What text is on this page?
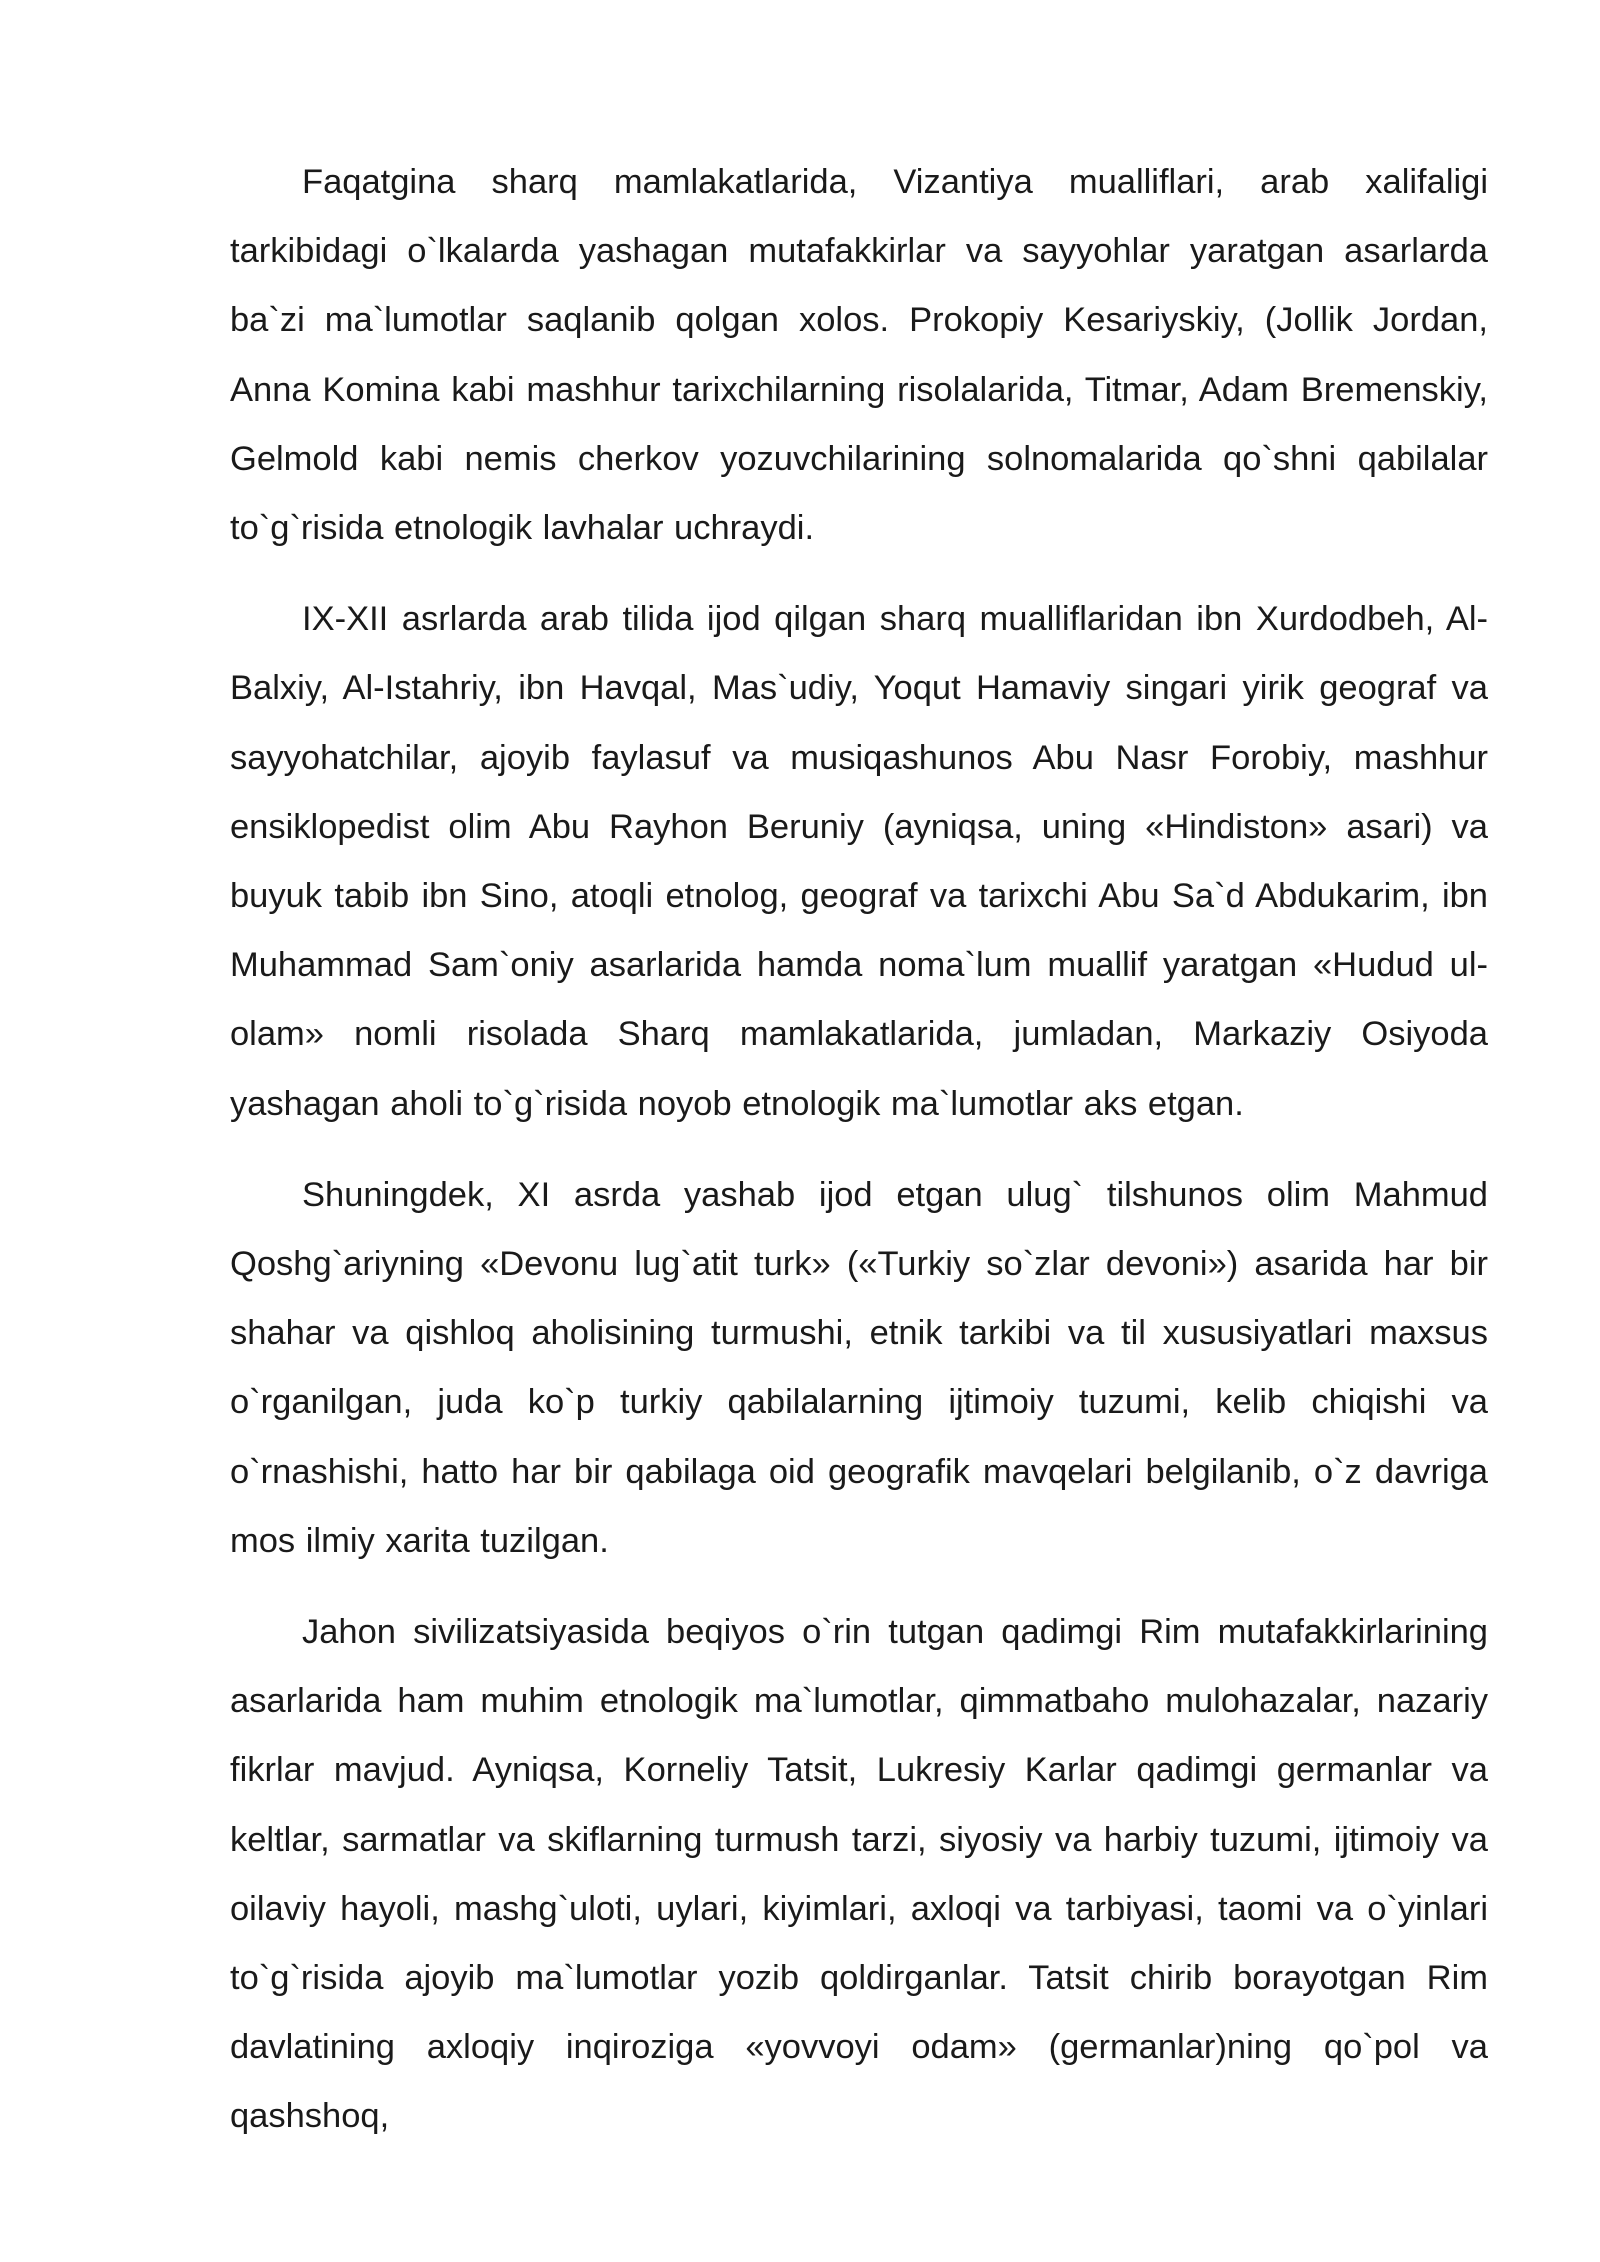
Faqatgina sharq mamlakatlarida, Vizantiya mualliflari, arab xalifaligi tarkibidagi o`lkalarda yashagan mutafakkirlar va sayyohlar yaratgan asarlarda ba`zi ma`lumotlar saqlanib qolgan xolos. Prokopiy Kesariyskiy, (Jollik Jordan, Anna Komina kabi mashhur tarixchilarning risolalarida, Titmar, Adam Bremenskiy, Gelmold kabi nemis cherkov yozuvchilarining solnomalarida qo`shni qabilalar to`g`risida etnologik lavhalar uchraydi.

IX-XII asrlarda arab tilida ijod qilgan sharq mualliflaridan ibn Xurdodbeh, Al-Balxiy, Al-Istahriy, ibn Havqal, Mas`udiy, Yoqut Hamaviy singari yirik geograf va sayyohatchilar, ajoyib faylasuf va musiqashunos Abu Nasr Forobiy, mashhur ensiklopedist olim Abu Rayhon Beruniy (ayniqsa, uning «Hindiston» asari) va buyuk tabib ibn Sino, atoqli etnolog, geograf va tarixchi Abu Sa`d Abdukarim, ibn Muhammad Sam`oniy asarlarida hamda noma`lum muallif yaratgan «Hudud ul-olam» nomli risolada Sharq mamlakatlarida, jumladan, Markaziy Osiyoda yashagan aholi to`g`risida noyob etnologik ma`lumotlar aks etgan.

Shuningdek, XI asrda yashab ijod etgan ulug` tilshunos olim Mahmud Qoshg`ariyning «Devonu lug`atit turk» («Turkiy so`zlar devoni») asarida har bir shahar va qishloq aholisining turmushi, etnik tarkibi va til xususiyatlari maxsus o`rganilgan, juda ko`p turkiy qabilalarning ijtimoiy tuzumi, kelib chiqishi va o`rnashishi, hatto har bir qabilaga oid geografik mavqelari belgilanib, o`z davriga mos ilmiy xarita tuzilgan.

Jahon sivilizatsiyasida beqiyos o`rin tutgan qadimgi Rim mutafakkirlarining asarlarida ham muhim etnologik ma`lumotlar, qimmatbaho mulohazalar, nazariy fikrlar mavjud. Ayniqsa, Korneliy Tatsit, Lukresiy Karlar qadimgi germanlar va keltlar, sarmatlar va skiflarning turmush tarzi, siyosiy va harbiy tuzumi, ijtimoiy va oilaviy hayoli, mashg`uloti, uylari, kiyimlari, axloqi va tarbiyasi, taomi va o`yinlari to`g`risida ajoyib ma`lumotlar yozib qoldirganlar. Tatsit chirib borayotgan Rim davlatining axloqiy inqiroziga «yovvoyi odam» (germanlar)ning qo`pol va qashshoq,
